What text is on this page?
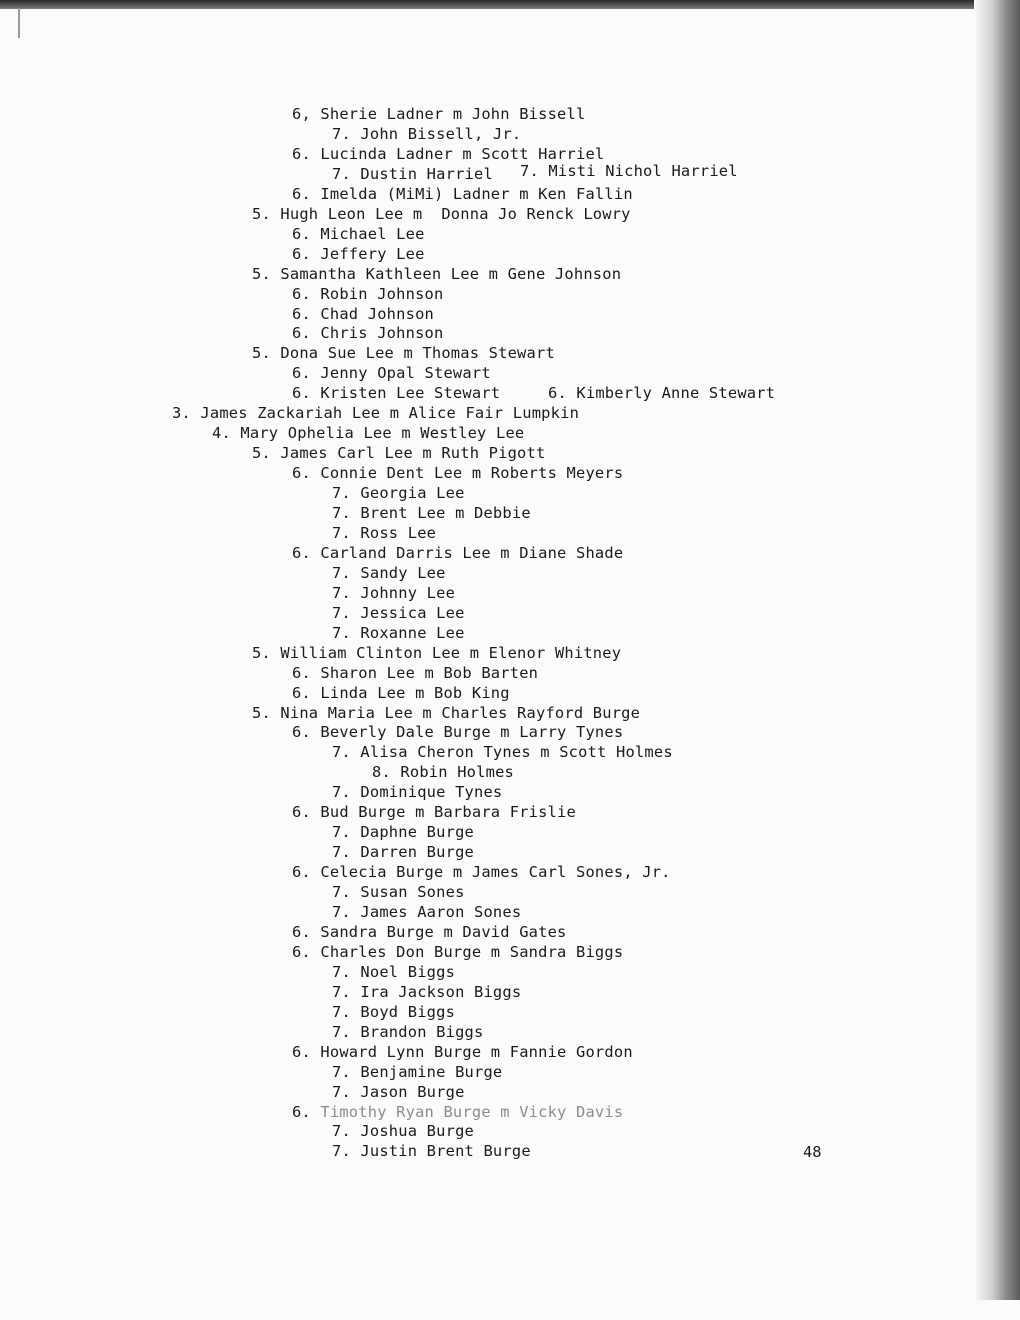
6, Sherie Ladner m John Bissell
7. John Bissell, Jr.
6. Lucinda Ladner m Scott Harriel
7. Dustin Harriel 7. Misti Nichol Harriel
6. Imelda (MiMi) Ladner m Ken Fallin
5. Hugh Leon Lee m  Donna Jo Renck Lowry
6. Michael Lee
6. Jeffery Lee
5. Samantha Kathleen Lee m Gene Johnson
6. Robin Johnson
6. Chad Johnson
6. Chris Johnson
5. Dona Sue Lee m Thomas Stewart
6. Jenny Opal Stewart
6. Kristen Lee Stewart	6. Kimberly Anne Stewart
3. James Zackariah Lee m Alice Fair Lumpkin
4. Mary Ophelia Lee m Westley Lee
5. James Carl Lee m Ruth Pigott
6. Connie Dent Lee m Roberts Meyers
7. Georgia Lee
7. Brent Lee m Debbie
7. Ross Lee
6. Carland Darris Lee m Diane Shade
7. Sandy Lee
7. Johnny Lee
7. Jessica Lee
7. Roxanne Lee
5. William Clinton Lee m Elenor Whitney
6. Sharon Lee m Bob Barten
6. Linda Lee m Bob King
5. Nina Maria Lee m Charles Rayford Burge
6. Beverly Dale Burge m Larry Tynes
7. Alisa Cheron Tynes m Scott Holmes
8. Robin Holmes
7. Dominique Tynes
6. Bud Burge m Barbara Frislie
7. Daphne Burge
7. Darren Burge
6. Celecia Burge m James Carl Sones, Jr.
7. Susan Sones
7. James Aaron Sones
6. Sandra Burge m David Gates
6. Charles Don Burge m Sandra Biggs
7. Noel Biggs
7. Ira Jackson Biggs
7. Boyd Biggs
7. Brandon Biggs
6. Howard Lynn Burge m Fannie Gordon
7. Benjamine Burge
7. Jason Burge
6. Timothy Ryan Burge m Vicky Davis
7. Joshua Burge
7. Justin Brent Burge	48
